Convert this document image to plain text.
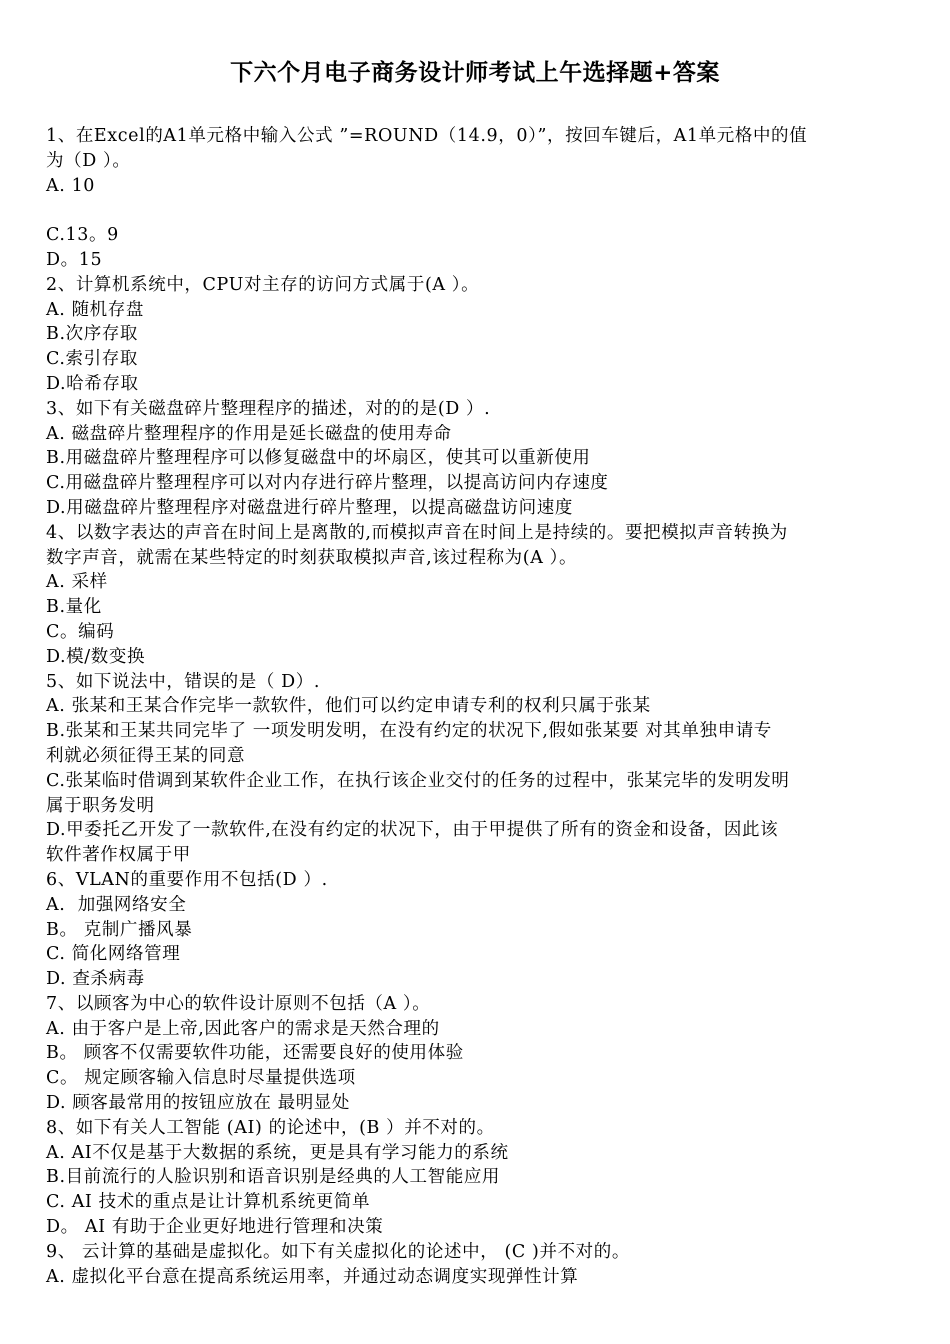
下六个月电子商务设计师考试上午选择题+答案
1、在Excel的A1单元格中输入公式 ”=ROUND（14.9，0）”，按回车键后，A1单元格中的值
为（D ）。
A. 10
C.13。9
D。15
2、计算机系统中，CPU对主存的访问方式属于(A ）。
A. 随机存盘
B.次序存取
C.索引存取
D.哈希存取
3、如下有关磁盘碎片整理程序的描述，对的的是(D ）.
A. 磁盘碎片整理程序的作用是延长磁盘的使用寿命
B.用磁盘碎片整理程序可以修复磁盘中的坏扇区，使其可以重新使用
C.用磁盘碎片整理程序可以对内存进行碎片整理，以提高访问内存速度
D.用磁盘碎片整理程序对磁盘进行碎片整理，以提高磁盘访问速度
4、以数字表达的声音在时间上是离散的,而模拟声音在时间上是持续的。要把模拟声音转换为
数字声音，就需在某些特定的时刻获取模拟声音,该过程称为(A ）。
A. 采样
B.量化
C。编码
D.模/数变换
5、如下说法中，错误的是（ D）.
A. 张某和王某合作完毕一款软件，他们可以约定申请专利的权利只属于张某
B.张某和王某共同完毕了 一项发明发明，在没有约定的状况下,假如张某要 对其单独申请专
利就必须征得王某的同意
C.张某临时借调到某软件企业工作，在执行该企业交付的任务的过程中，张某完毕的发明发明
属于职务发明
D.甲委托乙开发了一款软件,在没有约定的状况下，由于甲提供了所有的资金和设备，因此该
软件著作权属于甲
6、VLAN的重要作用不包括(D ）.
A.  加强网络安全
B。 克制广播风暴
C. 简化网络管理
D. 查杀病毒
7、以顾客为中心的软件设计原则不包括（A ）。
A. 由于客户是上帝,因此客户的需求是天然合理的
B。 顾客不仅需要软件功能，还需要良好的使用体验
C。 规定顾客输入信息时尽量提供选项
D. 顾客最常用的按钮应放在 最明显处
8、如下有关人工智能 (AI) 的论述中，(B ）并不对的。
A. AI不仅是基于大数据的系统，更是具有学习能力的系统
B.目前流行的人脸识别和语音识别是经典的人工智能应用
C. AI 技术的重点是让计算机系统更简单
D。 AI 有助于企业更好地进行管理和决策
9、 云计算的基础是虚拟化。如下有关虚拟化的论述中， (C )并不对的。
A. 虚拟化平台意在提高系统运用率，并通过动态调度实现弹性计算
